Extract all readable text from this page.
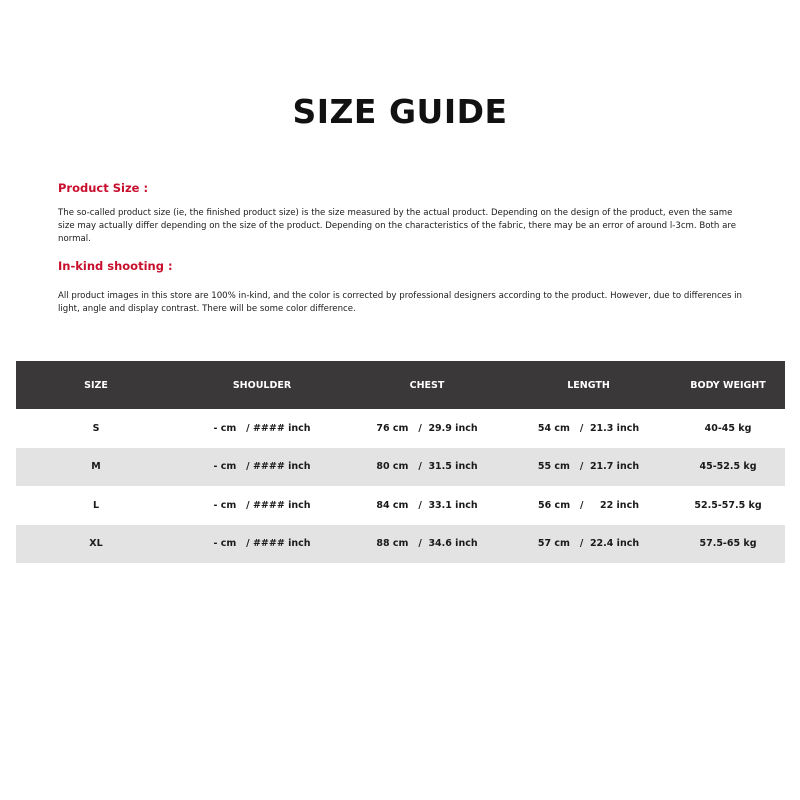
SIZE GUIDE
Product Size :

The so-called product size (ie, the finished product size) is the size measured by the actual product. Depending on the design of the product, even the same size may actually differ depending on the size of the product. Depending on the characteristics of the fabric, there may be an error of around l-3cm. Both are normal.

In-kind shooting :

All product images in this store are 100% in-kind, and the color is corrected by professional designers according to the product. However, due to differences in light, angle and display contrast. There will be some color difference.

SIZE	SHOULDER	CHEST	LENGTH	BODY WEIGHT
S	- cm   / #### inch	76 cm   /  29.9 inch	54 cm   /  21.3 inch	40-45 kg
M	- cm   / #### inch	80 cm   /  31.5 inch	55 cm   /  21.7 inch	45-52.5 kg
L	- cm   / #### inch	84 cm   /  33.1 inch	56 cm   /     22 inch	52.5-57.5 kg
XL	- cm   / #### inch	88 cm   /  34.6 inch	57 cm   /  22.4 inch	57.5-65 kg
